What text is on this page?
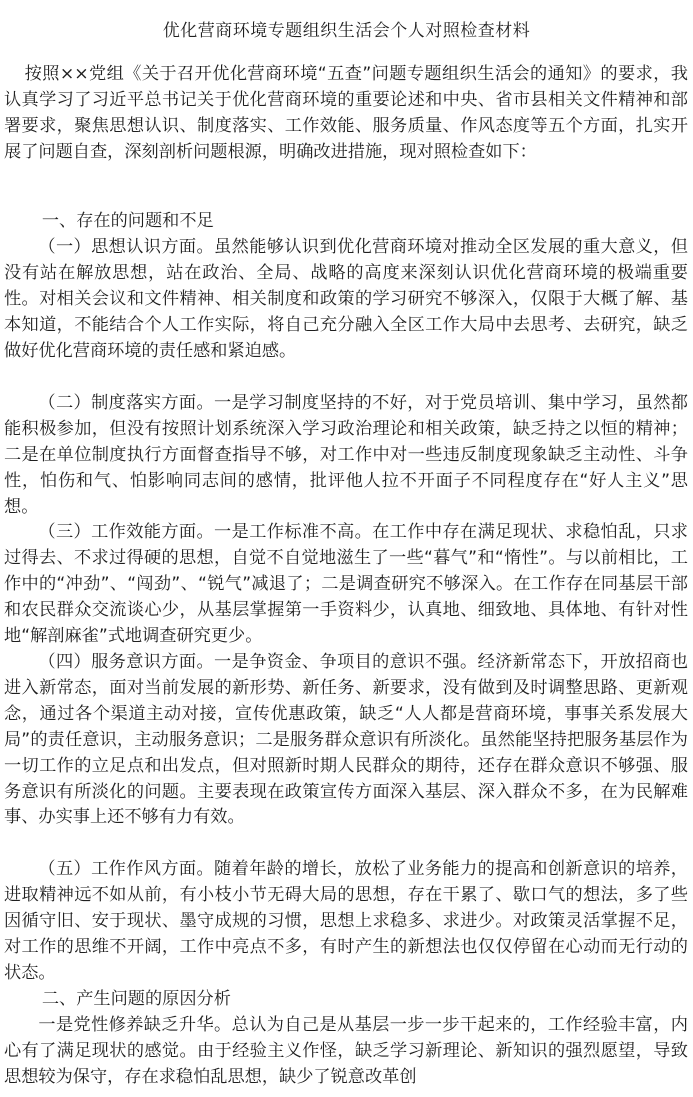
优化营商环境专题组织生活会个人对照检查材料

按照××党组《关于召开优化营商环境“五查”问题专题组织生活会的通知》的要求，我认真学习了习近平总书记关于优化营商环境的重要论述和中央、省市县相关文件精神和部署要求，聚焦思想认识、制度落实、工作效能、服务质量、作风态度等五个方面，扎实开展了问题自查，深刻剖析问题根源，明确改进措施，现对照检查如下：

一、存在的问题和不足

（一）思想认识方面。虽然能够认识到优化营商环境对推动全区发展的重大意义，但没有站在解放思想，站在政治、全局、战略的高度来深刻认识优化营商环境的极端重要性。对相关会议和文件精神、相关制度和政策的学习研究不够深入，仅限于大概了解、基本知道，不能结合个人工作实际，将自己充分融入全区工作大局中去思考、去研究，缺乏做好优化营商环境的责任感和紧迫感。

（二）制度落实方面。一是学习制度坚持的不好，对于党员培训、集中学习，虽然都能积极参加，但没有按照计划系统深入学习政治理论和相关政策，缺乏持之以恒的精神；二是在单位制度执行方面督查指导不够，对工作中对一些违反制度现象缺乏主动性、斗争性，怕伤和气、怕影响同志间的感情，批评他人拉不开面子不同程度存在“好人主义”思想。

（三）工作效能方面。一是工作标准不高。在工作中存在满足现状、求稳怕乱，只求过得去、不求过得硬的思想，自觉不自觉地滋生了一些“暮气”和“惰性”。与以前相比，工作中的“冲劲”、“闯劲”、“锐气”减退了；二是调查研究不够深入。在工作存在同基层干部和农民群众交流谈心少，从基层掌握第一手资料少，认真地、细致地、具体地、有针对性地“解剖麻雀”式地调查研究更少。

（四）服务意识方面。一是争资金、争项目的意识不强。经济新常态下，开放招商也进入新常态，面对当前发展的新形势、新任务、新要求，没有做到及时调整思路、更新观念，通过各个渠道主动对接，宣传优惠政策，缺乏“人人都是营商环境，事事关系发展大局”的责任意识，主动服务意识；二是服务群众意识有所淡化。虽然能坚持把服务基层作为一切工作的立足点和出发点，但对照新时期人民群众的期待，还存在群众意识不够强、服务意识有所淡化的问题。主要表现在政策宣传方面深入基层、深入群众不多，在为民解难事、办实事上还不够有力有效。

（五）工作作风方面。随着年龄的增长，放松了业务能力的提高和创新意识的培养，进取精神远不如从前，有小枝小节无碍大局的思想，存在干累了、歇口气的想法，多了些因循守旧、安于现状、墨守成规的习惯，思想上求稳多、求进少。对政策灵活掌握不足，对工作的思维不开阔，工作中亮点不多，有时产生的新想法也仅仅停留在心动而无行动的状态。

二、产生问题的原因分析

一是党性修养缺乏升华。总认为自己是从基层一步一步干起来的，工作经验丰富，内心有了满足现状的感觉。由于经验主义作怪，缺乏学习新理论、新知识的强烈愿望，导致思想较为保守，存在求稳怕乱思想，缺少了锐意改革创
